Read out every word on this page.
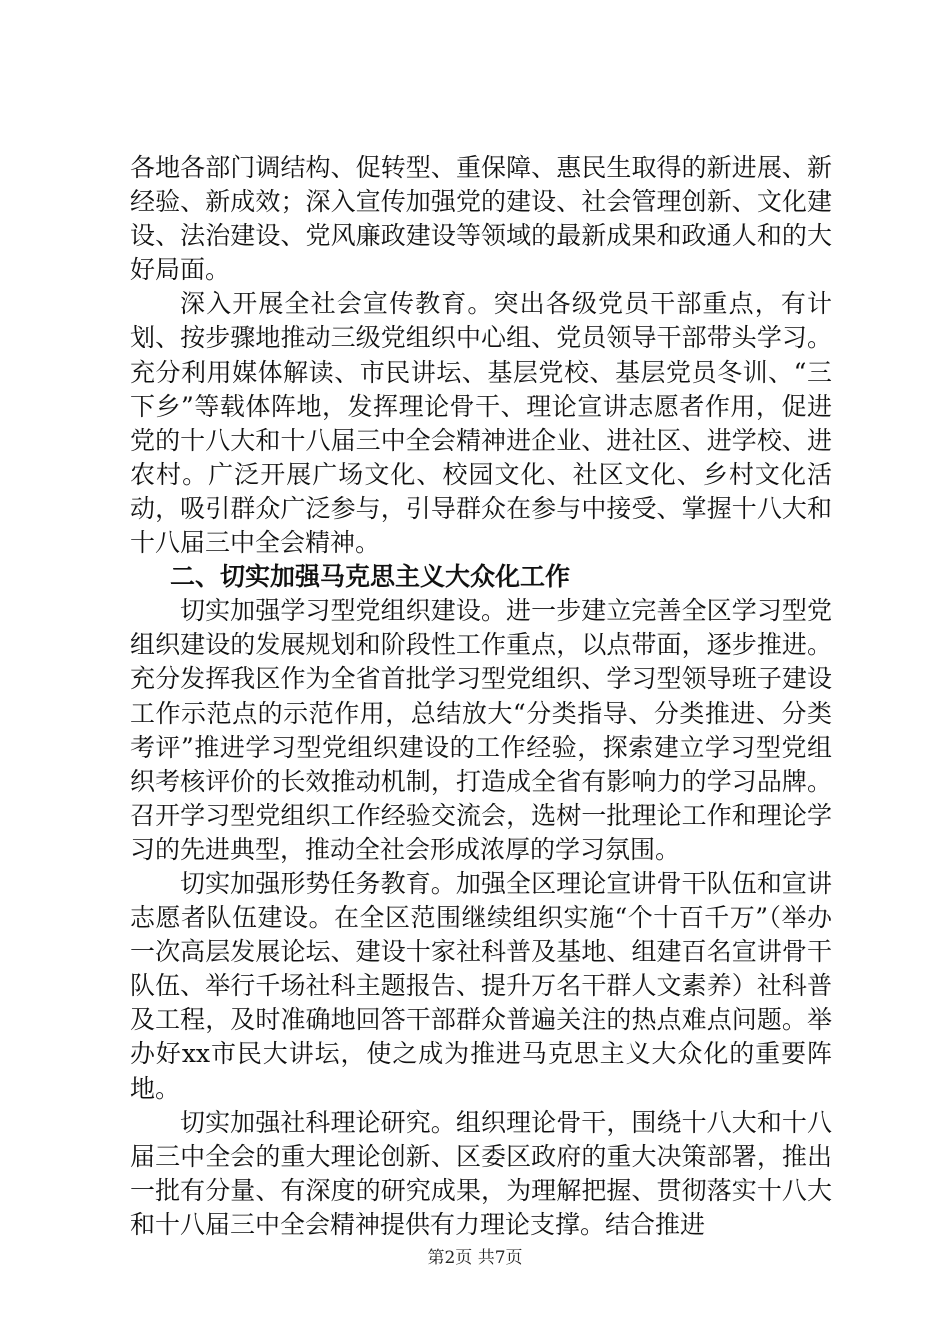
各地各部门调结构、促转型、重保障、惠民生取得的新进展、新经验、新成效；深入宣传加强党的建设、社会管理创新、文化建设、法治建设、党风廉政建设等领域的最新成果和政通人和的大好局面。

深入开展全社会宣传教育。突出各级党员干部重点，有计划、按步骤地推动三级党组织中心组、党员领导干部带头学习。充分利用媒体解读、市民讲坛、基层党校、基层党员冬训、“三下乡”等载体阵地，发挥理论骨干、理论宣讲志愿者作用，促进党的十八大和十八届三中全会精神进企业、进社区、进学校、进农村。广泛开展广场文化、校园文化、社区文化、乡村文化活动，吸引群众广泛参与，引导群众在参与中接受、掌握十八大和十八届三中全会精神。

二、切实加强马克思主义大众化工作

切实加强学习型党组织建设。进一步建立完善全区学习型党组织建设的发展规划和阶段性工作重点，以点带面，逐步推进。充分发挥我区作为全省首批学习型党组织、学习型领导班子建设工作示范点的示范作用，总结放大“分类指导、分类推进、分类考评”推进学习型党组织建设的工作经验，探索建立学习型党组织考核评价的长效推动机制，打造成全省有影响力的学习品牌。召开学习型党组织工作经验交流会，选树一批理论工作和理论学习的先进典型，推动全社会形成浓厚的学习氛围。

切实加强形势任务教育。加强全区理论宣讲骨干队伍和宣讲志愿者队伍建设。在全区范围继续组织实施“个十百千万”（举办一次高层发展论坛、建设十家社科普及基地、组建百名宣讲骨干队伍、举行千场社科主题报告、提升万名干群人文素养）社科普及工程，及时准确地回答干部群众普遍关注的热点难点问题。举办好xx市民大讲坛，使之成为推进马克思主义大众化的重要阵地。

切实加强社科理论研究。组织理论骨干，围绕十八大和十八届三中全会的重大理论创新、区委区政府的重大决策部署，推出一批有分量、有深度的研究成果，为理解把握、贯彻落实十八大和十八届三中全会精神提供有力理论支撑。结合推进

第2页 共7页
